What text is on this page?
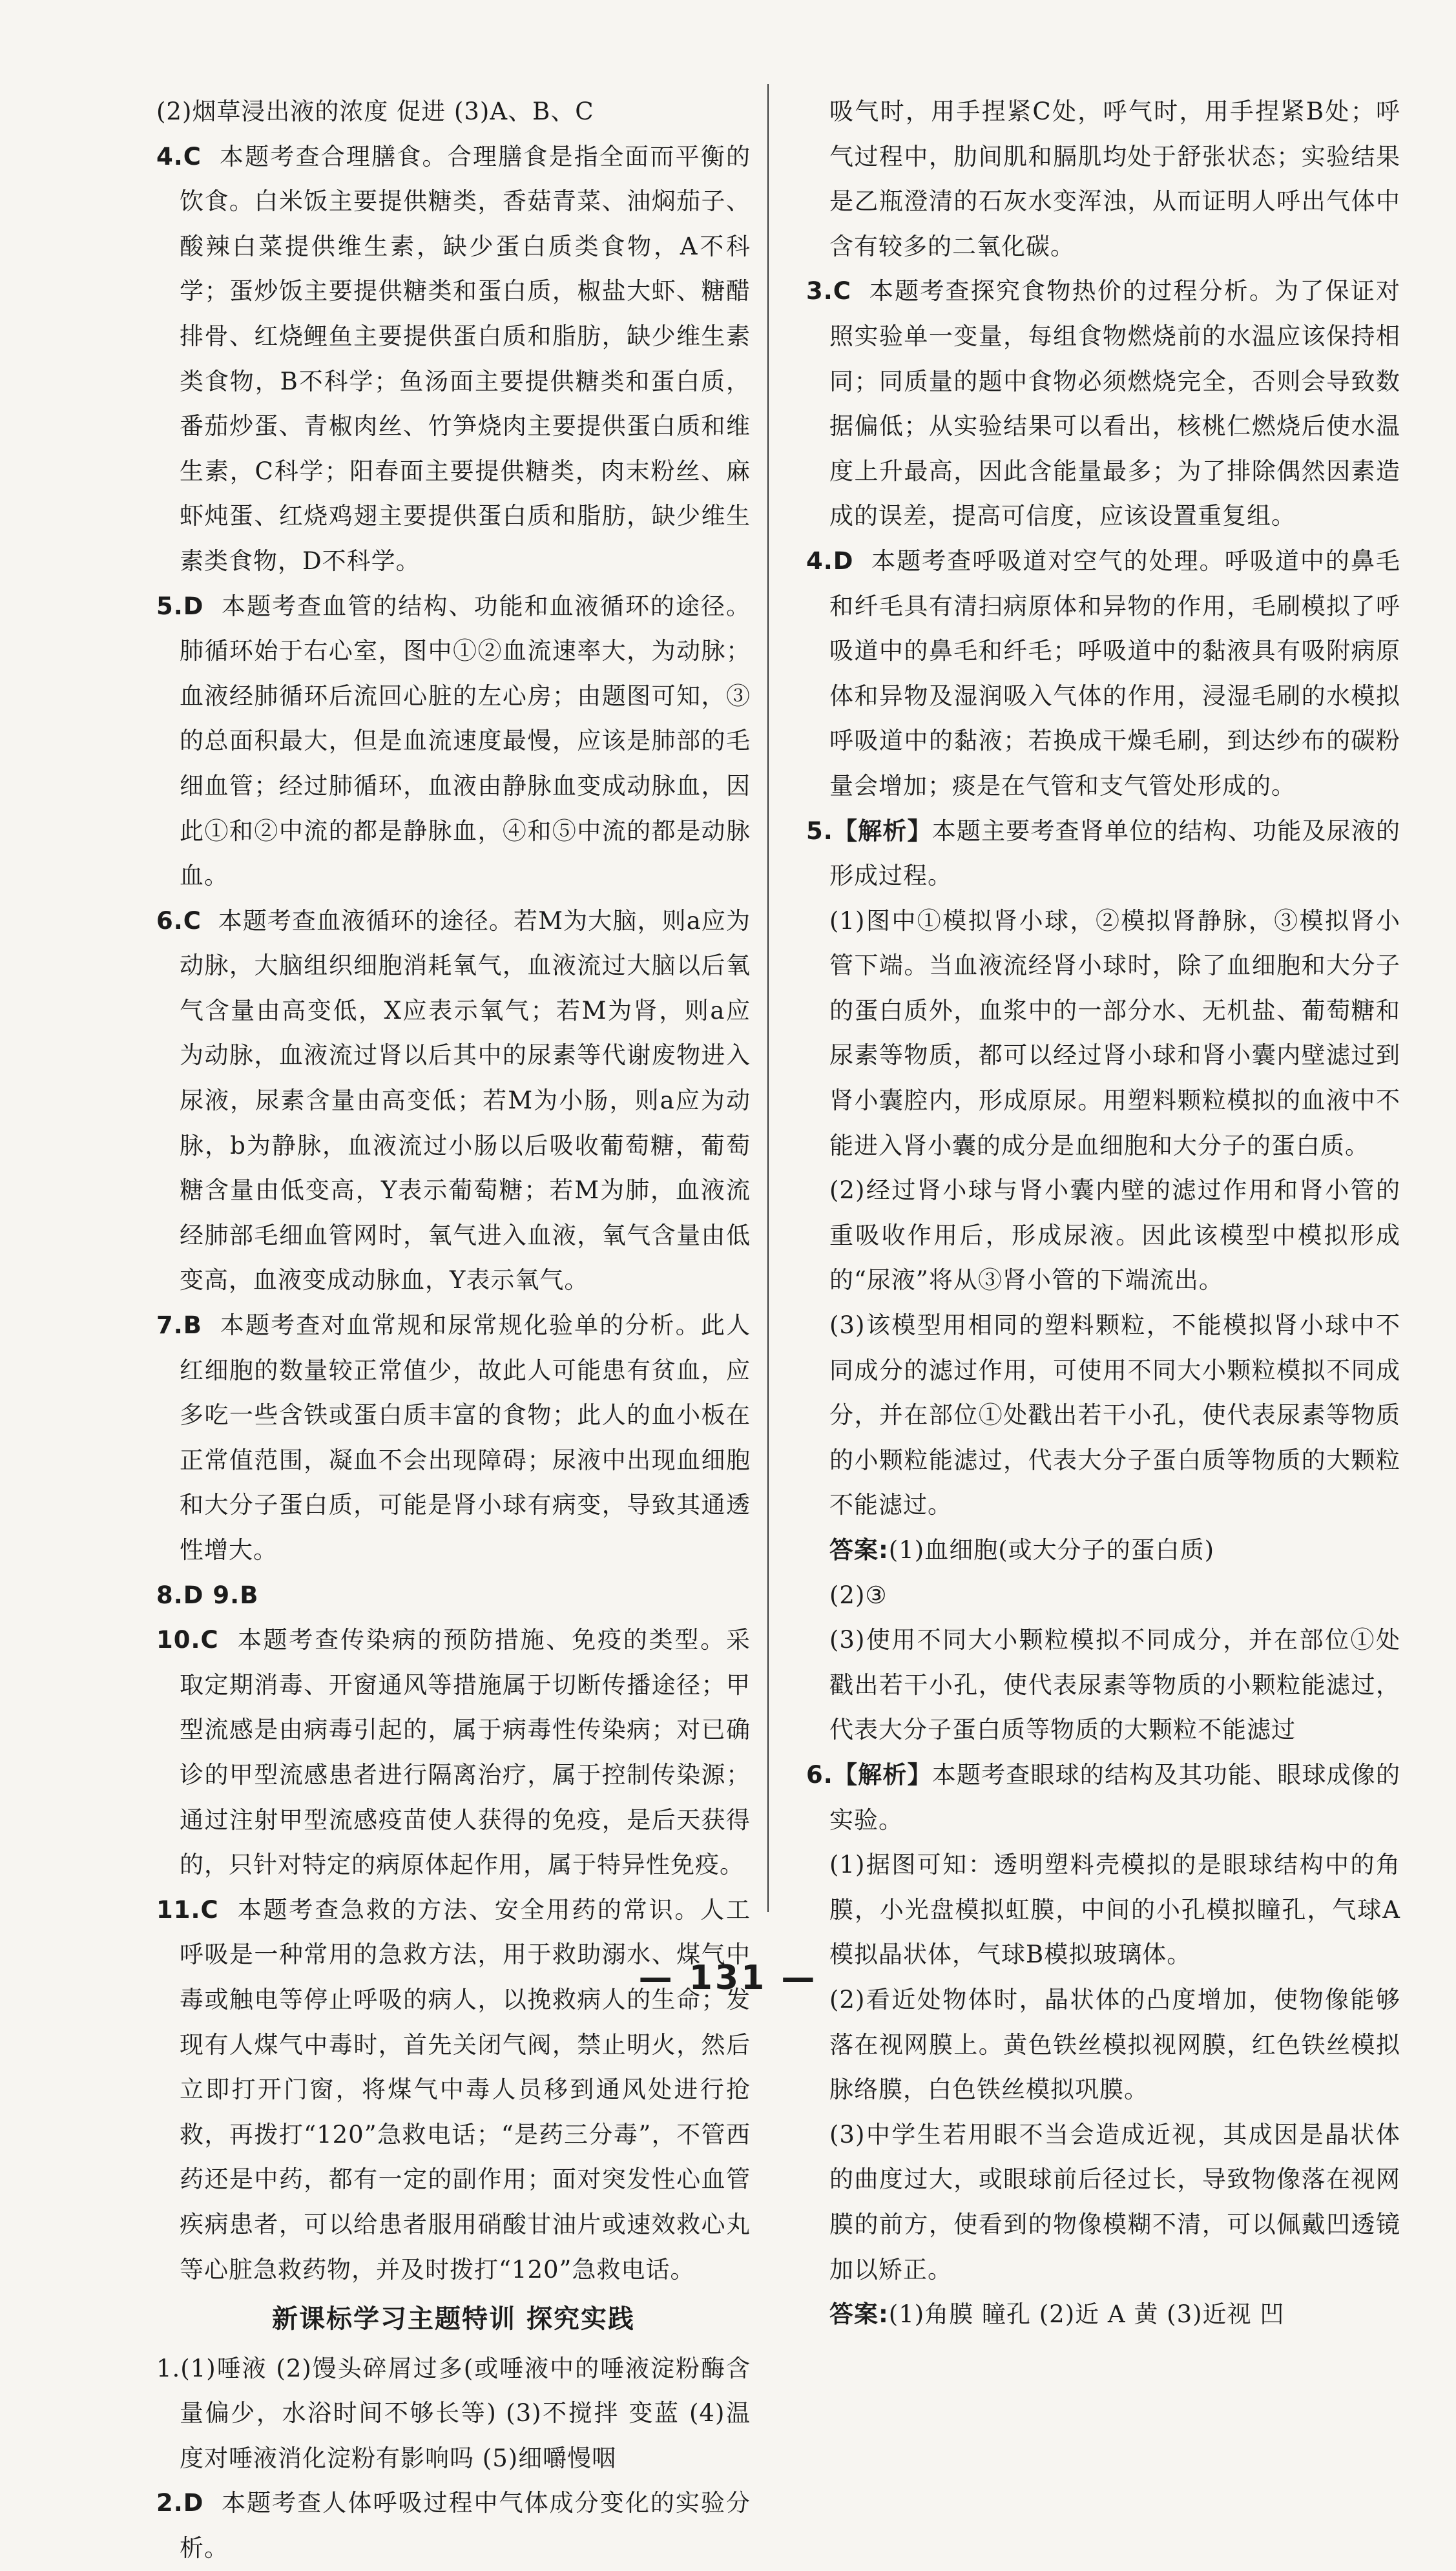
(2)烟草浸出液的浓度 促进 (3)A、B、C

4.C 本题考查合理膳食。合理膳食是指全面而平衡的饮食。白米饭主要提供糖类，香菇青菜、油焖茄子、酸辣白菜提供维生素，缺少蛋白质类食物，A不科学；蛋炒饭主要提供糖类和蛋白质，椒盐大虾、糖醋排骨、红烧鲤鱼主要提供蛋白质和脂肪，缺少维生素类食物，B不科学；鱼汤面主要提供糖类和蛋白质，番茄炒蛋、青椒肉丝、竹笋烧肉主要提供蛋白质和维生素，C科学；阳春面主要提供糖类，肉末粉丝、麻虾炖蛋、红烧鸡翅主要提供蛋白质和脂肪，缺少维生素类食物，D不科学。

5.D 本题考查血管的结构、功能和血液循环的途径。肺循环始于右心室，图中①②血流速率大，为动脉；血液经肺循环后流回心脏的左心房；由题图可知，③的总面积最大，但是血流速度最慢，应该是肺部的毛细血管；经过肺循环，血液由静脉血变成动脉血，因此①和②中流的都是静脉血，④和⑤中流的都是动脉血。

6.C 本题考查血液循环的途径。若M为大脑，则a应为动脉，大脑组织细胞消耗氧气，血液流过大脑以后氧气含量由高变低，X应表示氧气；若M为肾，则a应为动脉，血液流过肾以后其中的尿素等代谢废物进入尿液，尿素含量由高变低；若M为小肠，则a应为动脉，b为静脉，血液流过小肠以后吸收葡萄糖，葡萄糖含量由低变高，Y表示葡萄糖；若M为肺，血液流经肺部毛细血管网时，氧气进入血液，氧气含量由低变高，血液变成动脉血，Y表示氧气。

7.B 本题考查对血常规和尿常规化验单的分析。此人红细胞的数量较正常值少，故此人可能患有贫血，应多吃一些含铁或蛋白质丰富的食物；此人的血小板在正常值范围，凝血不会出现障碍；尿液中出现血细胞和大分子蛋白质，可能是肾小球有病变，导致其通透性增大。

8.D 9.B

10.C 本题考查传染病的预防措施、免疫的类型。采取定期消毒、开窗通风等措施属于切断传播途径；甲型流感是由病毒引起的，属于病毒性传染病；对已确诊的甲型流感患者进行隔离治疗，属于控制传染源；通过注射甲型流感疫苗使人获得的免疫，是后天获得的，只针对特定的病原体起作用，属于特异性免疫。

11.C 本题考查急救的方法、安全用药的常识。人工呼吸是一种常用的急救方法，用于救助溺水、煤气中毒或触电等停止呼吸的病人，以挽救病人的生命；发现有人煤气中毒时，首先关闭气阀，禁止明火，然后立即打开门窗，将煤气中毒人员移到通风处进行抢救，再拨打“120”急救电话；“是药三分毒”，不管西药还是中药，都有一定的副作用；面对突发性心血管疾病患者，可以给患者服用硝酸甘油片或速效救心丸等心脏急救药物，并及时拨打“120”急救电话。

新课标学习主题特训 探究实践

1.(1)唾液 (2)馒头碎屑过多(或唾液中的唾液淀粉酶含量偏少，水浴时间不够长等) (3)不搅拌 变蓝 (4)温度对唾液消化淀粉有影响吗 (5)细嚼慢咽

2.D 本题考查人体呼吸过程中气体成分变化的实验分析。

吸气时，用手捏紧C处，呼气时，用手捏紧B处；呼气过程中，肋间肌和膈肌均处于舒张状态；实验结果是乙瓶澄清的石灰水变浑浊，从而证明人呼出气体中含有较多的二氧化碳。

3.C 本题考查探究食物热价的过程分析。为了保证对照实验单一变量，每组食物燃烧前的水温应该保持相同；同质量的题中食物必须燃烧完全，否则会导致数据偏低；从实验结果可以看出，核桃仁燃烧后使水温度上升最高，因此含能量最多；为了排除偶然因素造成的误差，提高可信度，应该设置重复组。

4.D 本题考查呼吸道对空气的处理。呼吸道中的鼻毛和纤毛具有清扫病原体和异物的作用，毛刷模拟了呼吸道中的鼻毛和纤毛；呼吸道中的黏液具有吸附病原体和异物及湿润吸入气体的作用，浸湿毛刷的水模拟呼吸道中的黏液；若换成干燥毛刷，到达纱布的碳粉量会增加；痰是在气管和支气管处形成的。

5.【解析】本题主要考查肾单位的结构、功能及尿液的形成过程。

(1)图中①模拟肾小球，②模拟肾静脉，③模拟肾小管下端。当血液流经肾小球时，除了血细胞和大分子的蛋白质外，血浆中的一部分水、无机盐、葡萄糖和尿素等物质，都可以经过肾小球和肾小囊内壁滤过到肾小囊腔内，形成原尿。用塑料颗粒模拟的血液中不能进入肾小囊的成分是血细胞和大分子的蛋白质。

(2)经过肾小球与肾小囊内壁的滤过作用和肾小管的重吸收作用后，形成尿液。因此该模型中模拟形成的“尿液”将从③肾小管的下端流出。

(3)该模型用相同的塑料颗粒，不能模拟肾小球中不同成分的滤过作用，可使用不同大小颗粒模拟不同成分，并在部位①处戳出若干小孔，使代表尿素等物质的小颗粒能滤过，代表大分子蛋白质等物质的大颗粒不能滤过。

答案:(1)血细胞(或大分子的蛋白质)

(2)③

(3)使用不同大小颗粒模拟不同成分，并在部位①处戳出若干小孔，使代表尿素等物质的小颗粒能滤过，代表大分子蛋白质等物质的大颗粒不能滤过

6.【解析】本题考查眼球的结构及其功能、眼球成像的实验。

(1)据图可知：透明塑料壳模拟的是眼球结构中的角膜，小光盘模拟虹膜，中间的小孔模拟瞳孔，气球A模拟晶状体，气球B模拟玻璃体。

(2)看近处物体时，晶状体的凸度增加，使物像能够落在视网膜上。黄色铁丝模拟视网膜，红色铁丝模拟脉络膜，白色铁丝模拟巩膜。

(3)中学生若用眼不当会造成近视，其成因是晶状体的曲度过大，或眼球前后径过长，导致物像落在视网膜的前方，使看到的物像模糊不清，可以佩戴凹透镜加以矫正。

答案:(1)角膜 瞳孔 (2)近 A 黄 (3)近视 凹

— 131 —
